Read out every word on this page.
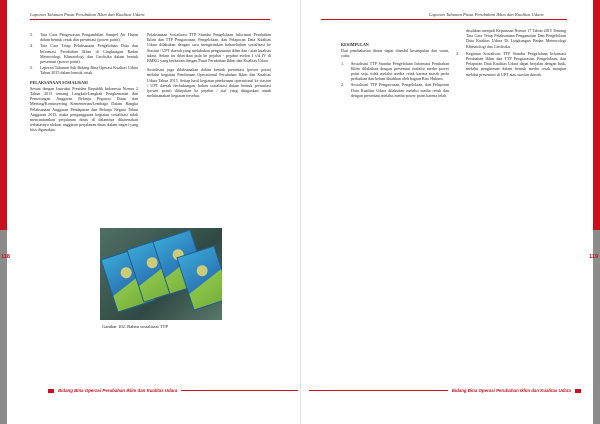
118
Laporan Tahunan Pusat Perubahan Iklim dan Kualitas Udara
3.	Tata Cara Pengawasan Pengambilan Sampel Air Hujan dalam bentuk cetak dan presentasi (power point).
4.	Tata Cara Tetap Pelaksanaan Pengelolaan Data dan Informasi Perubahan Iklim di Lingkungan Badan Meteorologi, Klimatologi, dan Geofisika dalam bentuk presentasi (power point).
5.	Laporan Tahunan Sub Bidang Bina Operasi Kualitas Udara Tahun 2015 dalam bentuk cetak.
PELAKSANAAN SOSIALISASI

Sesuai dengan Instruksi Presiden Republik Indonesia Nomor 2 Tahun 2015 tentang Langkah-Langkah Penghematan dan Pemotongan Anggaran Belanja Pegawai Dinas dan Meeting/Konsinyering Kementerian/Lembaga Dalam Rangka Pelaksanaan Anggaran Pendapatan dan Belanja Negara Tahun Anggaran 2015, maka penganggaran kegiatan sosialisasi tidak mencantumkan perjalanan dinas di dalamnya dikarenakan terbatasnya alokasi anggaran perjalanan dinas dalam negeri yang bisa digunakan.

Pelaksanaan Sosialisasi TTP Standar Pengelolaan Informasi Perubahan Iklim dan TTP Pengawasan, Pengelolaan, dan Pelaporan Data Kualitas Udara dilakukan dengan cara mengirimkan bahan-bahan sosialisasi ke Stasiun / UPT daerah yang melakukan pengamatan iklim dan / atau kualitas udara. Selain itu diberikan pula ke pejabat - pejabat eselon I s/d IV di BMKG yang berkaitan dengan Pusat Perubahan Iklim dan Kualitas Udara.

Sosialisasi juga dilaksanakan dalam bentuk presentasi (power point) melalui kegiatan Pembinaan Operasional Perubahan Iklim dan Kualitas Udara Tahun 2015. Setiap hasil kegiatan pembinaan operasional ke stasiun / UPT daerah berhubungan, bahan sosialisasi dalam bentuk presentasi (power point) ditinjukan ke pejabat / staf yang ditugaskan untuk melaksanakan kegiatan tersebut.

Gambar 102. Bahan sosialisasi TTP
Bidang Bina Operasi Perubahan Iklim dan Kualitas Udara
119
Laporan Tahunan Pusat Perubahan Iklim dan Kualitas Udara
KESIMPULAN

Dari pembahasan diatas dapat diambil kesimpulan dan saran, yaitu:

1.	Sosialisasi TTP Standar Pengelolaan Informasi Perubahan Iklim dilakukan dengan presentasi melalui media power point saja, tidak melalui media cetak karena masih perlu perbaikan dan belum disahkan oleh bagian Biro Hukum.
2.	Sosialisasi TTP Pengawasan, Pengelolaan, dan Pelaporan Data Kualitas Udara dilakukan melalui media cetak dan dengan presentasi melalui media power point karena telah

disahkan menjadi Keputusan Nomor 17 Tahun 2015 Tentang Tata Cara Tetap Pelaksanaan Pengamatan Dan Pengelolaan Data Kualitas Udara Di Lingkungan Badan Meteorologi Klimatologi dan Geofisika.

3.	Kegiatan Sosialisasi TTP Standar Pengelolaan Informasi Perubahan Iklim dan TTP Pengawasan, Pengelolaan, dan Pelaporan Data Kualitas Udara dapat berjalan dengan baik, melalui pengiriman dalam bentuk media cetak maupun melalui presentasi di UPT atau stasiun daerah.
Bidang Bina Operasi Perubahan Iklim dan Kualitas Udara
